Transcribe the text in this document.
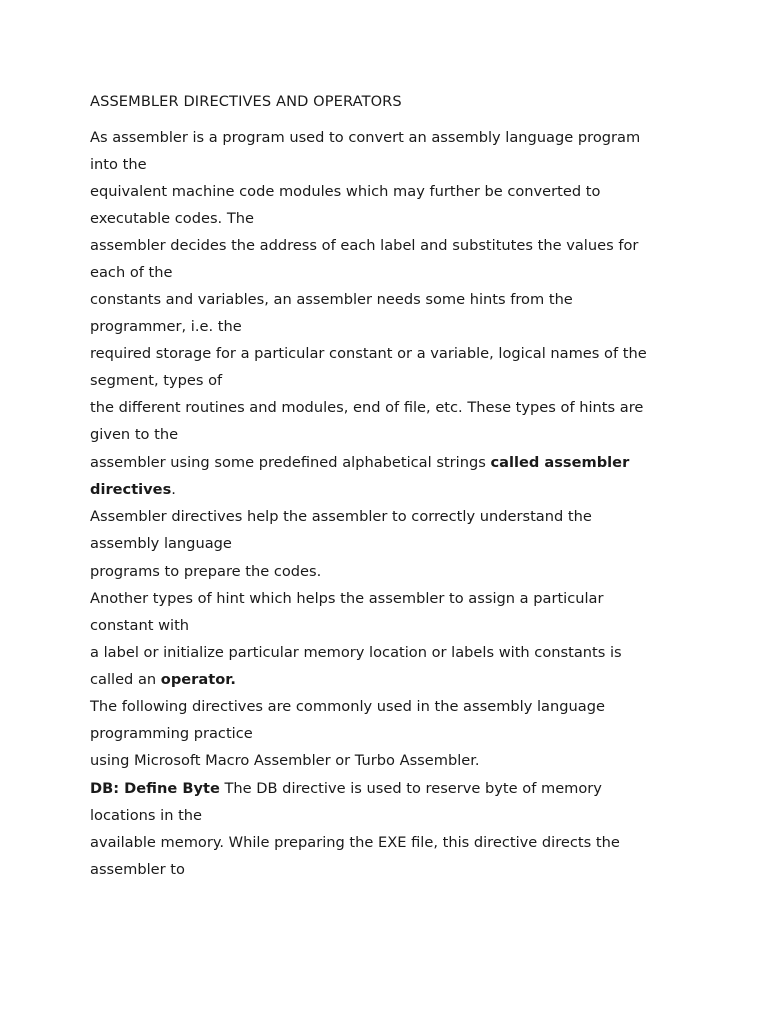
ASSEMBLER DIRECTIVES AND OPERATORS

As assembler is a program used to convert an assembly language program

into the

equivalent machine code modules which may further be converted to

executable codes. The

assembler decides the address of each label and substitutes the values for

each of the

constants and variables, an assembler needs some hints from the

programmer, i.e. the

required storage for a particular constant or a variable, logical names of the

segment, types of

the different routines and modules, end of file, etc. These types of hints are

given to the

assembler using some predefined alphabetical strings called assembler

directives.

Assembler directives help the assembler to correctly understand the

assembly language

programs to prepare the codes.

Another types of hint which helps the assembler to assign a particular

constant with

a label or initialize particular memory location or labels with constants is

called an operator.

The following directives are commonly used in the assembly language

programming practice

using Microsoft Macro Assembler or Turbo Assembler.

DB: Define Byte The DB directive is used to reserve byte of memory

locations in the

available memory. While preparing the EXE file, this directive directs the

assembler to
